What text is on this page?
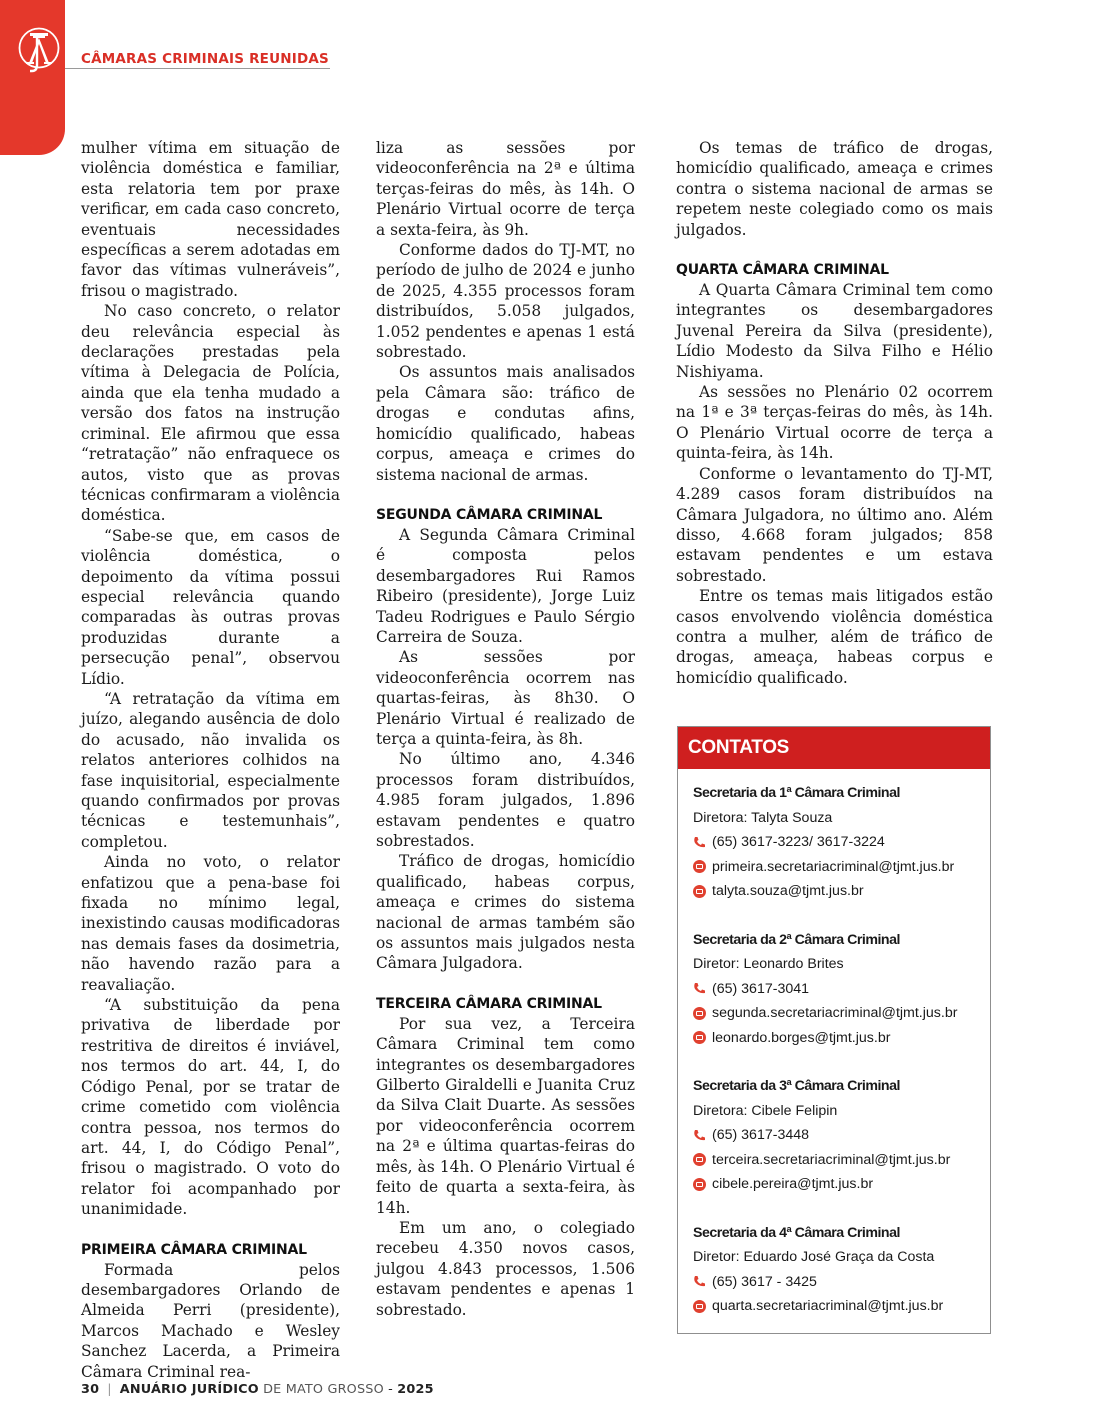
CÂMARAS CRIMINAIS REUNIDAS

mulher vítima em situação de violência doméstica e familiar, esta relatoria tem por praxe verificar, em cada caso concreto, eventuais necessidades específicas a serem adotadas em favor das vítimas vulneráveis”, frisou o magistrado.

No caso concreto, o relator deu relevância especial às declarações prestadas pela vítima à Delegacia de Polícia, ainda que ela tenha mudado a versão dos fatos na instrução criminal. Ele afirmou que essa “retratação” não enfraquece os autos, visto que as provas técnicas confirmaram a violência doméstica.

“Sabe-se que, em casos de violência doméstica, o depoimento da vítima possui especial relevância quando comparadas às outras provas produzidas durante a persecução penal”, observou Lídio.

“A retratação da vítima em juízo, alegando ausência de dolo do acusado, não invalida os relatos anteriores colhidos na fase inquisitorial, especialmente quando confirmados por provas técnicas e testemunhais”, completou.

Ainda no voto, o relator enfatizou que a pena-base foi fixada no mínimo legal, inexistindo causas modificadoras nas demais fases da dosimetria, não havendo razão para a reavaliação.

“A substituição da pena privativa de liberdade por restritiva de direitos é inviável, nos termos do art. 44, I, do Código Penal, por se tratar de crime cometido com violência contra pessoa, nos termos do art. 44, I, do Código Penal”, frisou o magistrado. O voto do relator foi acompanhado por unanimidade.

PRIMEIRA CÂMARA CRIMINAL

Formada pelos desembargadores Orlando de Almeida Perri (presidente), Marcos Machado e Wesley Sanchez Lacerda, a Primeira Câmara Criminal rea-

liza as sessões por videoconferência na 2ª e última terças-feiras do mês, às 14h. O Plenário Virtual ocorre de terça a sexta-feira, às 9h.

Conforme dados do TJ-MT, no período de julho de 2024 e junho de 2025, 4.355 processos foram distribuídos, 5.058 julgados, 1.052 pendentes e apenas 1 está sobrestado.

Os assuntos mais analisados pela Câmara são: tráfico de drogas e condutas afins, homicídio qualificado, habeas corpus, ameaça e crimes do sistema nacional de armas.

SEGUNDA CÂMARA CRIMINAL

A Segunda Câmara Criminal é composta pelos desembargadores Rui Ramos Ribeiro (presidente), Jorge Luiz Tadeu Rodrigues e Paulo Sérgio Carreira de Souza.

As sessões por videoconferência ocorrem nas quartas-feiras, às 8h30. O Plenário Virtual é realizado de terça a quinta-feira, às 8h.

No último ano, 4.346 processos foram distribuídos, 4.985 foram julgados, 1.896 estavam pendentes e quatro sobrestados.

Tráfico de drogas, homicídio qualificado, habeas corpus, ameaça e crimes do sistema nacional de armas também são os assuntos mais julgados nesta Câmara Julgadora.

TERCEIRA CÂMARA CRIMINAL

Por sua vez, a Terceira Câmara Criminal tem como integrantes os desembargadores Gilberto Giraldelli e Juanita Cruz da Silva Clait Duarte. As sessões por videoconferência ocorrem na 2ª e última quartas-feiras do mês, às 14h. O Plenário Virtual é feito de quarta a sexta-feira, às 14h.

Em um ano, o colegiado recebeu 4.350 novos casos, julgou 4.843 processos, 1.506 estavam pendentes e apenas 1 sobrestado.

Os temas de tráfico de drogas, homicídio qualificado, ameaça e crimes contra o sistema nacional de armas se repetem neste colegiado como os mais julgados.

QUARTA CÂMARA CRIMINAL

A Quarta Câmara Criminal tem como integrantes os desembargadores Juvenal Pereira da Silva (presidente), Lídio Modesto da Silva Filho e Hélio Nishiyama.

As sessões no Plenário 02 ocorrem na 1ª e 3ª terças-feiras do mês, às 14h. O Plenário Virtual ocorre de terça a quinta-feira, às 14h.

Conforme o levantamento do TJ-MT, 4.289 casos foram distribuídos na Câmara Julgadora, no último ano. Além disso, 4.668 foram julgados; 858 estavam pendentes e um estava sobrestado.

Entre os temas mais litigados estão casos envolvendo violência doméstica contra a mulher, além de tráfico de drogas, ameaça, habeas corpus e homicídio qualificado.

CONTATOS
Secretaria da 1ª Câmara Criminal
Diretora: Talyta Souza
(65) 3617-3223/ 3617-3224
primeira.secretariacriminal@tjmt.jus.br
talyta.souza@tjmt.jus.br
Secretaria da 2ª Câmara Criminal
Diretor: Leonardo Brites
(65) 3617-3041
segunda.secretariacriminal@tjmt.jus.br
leonardo.borges@tjmt.jus.br
Secretaria da 3ª Câmara Criminal
Diretora: Cibele Felipin
(65) 3617-3448
terceira.secretariacriminal@tjmt.jus.br
cibele.pereira@tjmt.jus.br
Secretaria da 4ª Câmara Criminal
Diretor: Eduardo José Graça da Costa
(65) 3617 - 3425
quarta.secretariacriminal@tjmt.jus.br
30 | ANUÁRIO JURÍDICO DE MATO GROSSO - 2025
